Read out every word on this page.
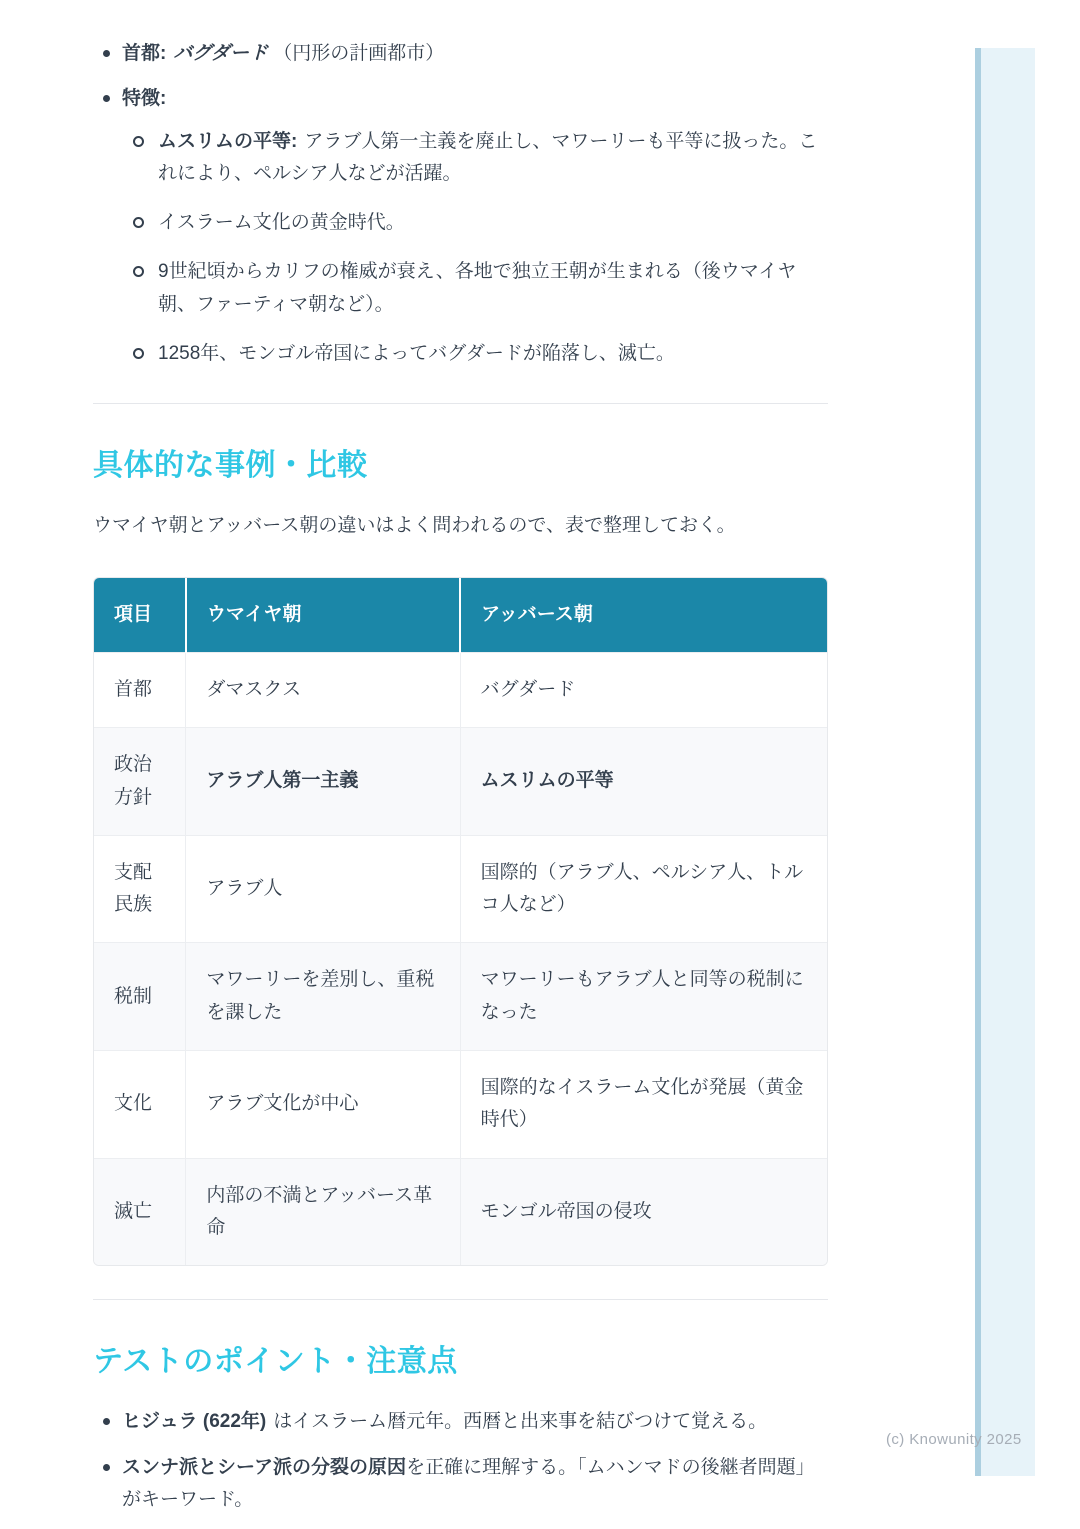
(c) Knowunity 2025
首都: バグダード （円形の計画都市）
特徴:
ムスリムの平等: アラブ人第一主義を廃止し、マワーリーも平等に扱った。これにより、ペルシア人などが活躍。
イスラーム文化の黄金時代。
9世紀頃からカリフの権威が衰え、各地で独立王朝が生まれる（後ウマイヤ朝、ファーティマ朝など）。
1258年、モンゴル帝国によってバグダードが陥落し、滅亡。
具体的な事例・比較

ウマイヤ朝とアッバース朝の違いはよく問われるので、表で整理しておく。

項目	ウマイヤ朝	アッバース朝
首都	ダマスクス	バグダード
政治方針	アラブ人第一主義	ムスリムの平等
支配民族	アラブ人	国際的（アラブ人、ペルシア人、トルコ人など）
税制	マワーリーを差別し、重税を課した	マワーリーもアラブ人と同等の税制になった
文化	アラブ文化が中心	国際的なイスラーム文化が発展（黄金時代）
滅亡	内部の不満とアッバース革命	モンゴル帝国の侵攻
テストのポイント・注意点
ヒジュラ (622年) はイスラーム暦元年。西暦と出来事を結びつけて覚える。
スンナ派とシーア派の分裂の原因を正確に理解する。「ムハンマドの後継者問題」がキーワード。
